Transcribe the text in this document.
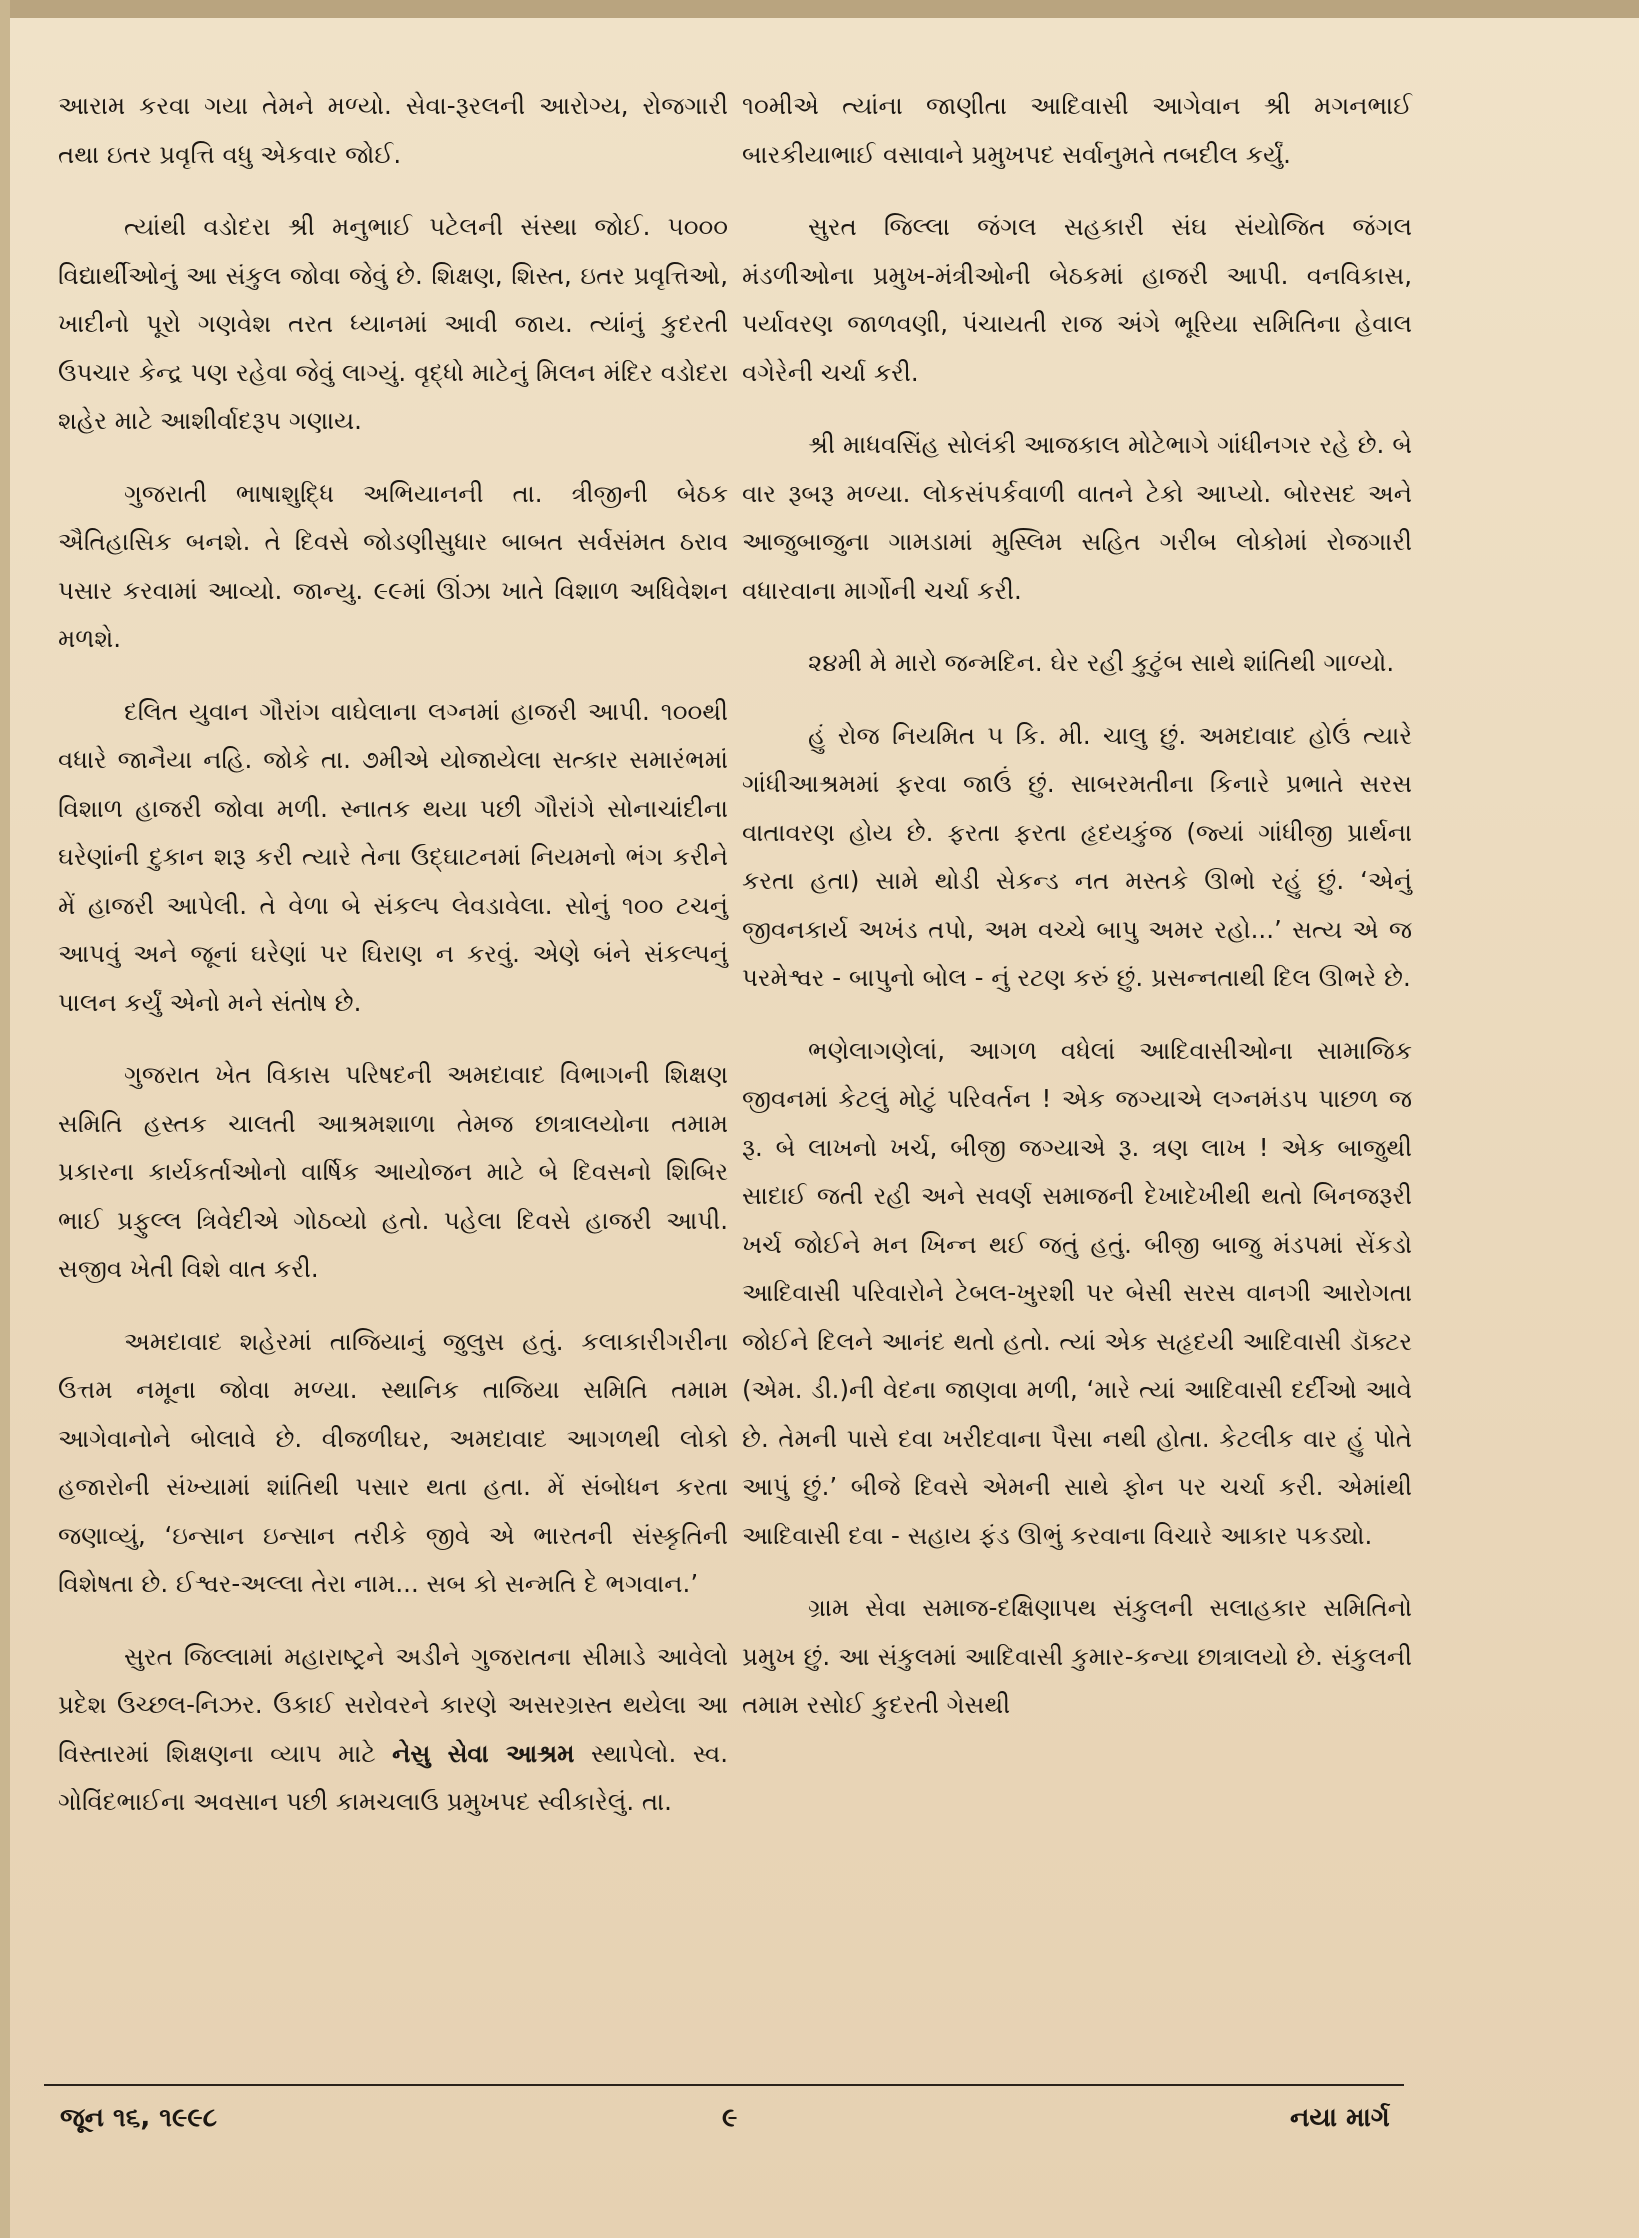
આરામ કરવા ગયા તેમને મળ્યો. સેવા-રૂરલની આરોગ્ય, રોજગારી તથા ઇતર પ્રવૃત્તિ વધુ એકવાર જોઈ.

ત્યાંથી વડોદરા શ્રી મનુભાઈ પટેલની સંસ્થા જોઈ. ૫૦૦૦ વિદ્યાર્થીઓનું આ સંકુલ જોવા જેવું છે. શિક્ષણ, શિસ્ત, ઇતર પ્રવૃત્તિઓ, ખાદીનો પૂરો ગણવેશ તરત ધ્યાનમાં આવી જાય. ત્યાંનું કુદરતી ઉપચાર કેન્દ્ર પણ રહેવા જેવું લાગ્યું. વૃદ્ધો માટેનું મિલન મંદિર વડોદરા શહેર માટે આશીર્વાદરૂપ ગણાય.

ગુજરાતી ભાષાશુદ્ધિ અભિયાનની તા. ત્રીજીની બેઠક ઐતિહાસિક બનશે. તે દિવસે જોડણીસુધાર બાબત સર્વસંમત ઠરાવ પસાર કરવામાં આવ્યો. જાન્યુ. ૯૯માં ઊંઝા ખાતે વિશાળ અધિવેશન મળશે.

દલિત યુવાન ગૌરાંગ વાઘેલાના લગ્નમાં હાજરી આપી. ૧૦૦થી વધારે જાનૈયા નહિ. જોકે તા. ૭મીએ યોજાયેલા સત્કાર સમારંભમાં વિશાળ હાજરી જોવા મળી. સ્નાતક થયા પછી ગૌરાંગે સોનાચાંદીના ઘરેણાંની દુકાન શરૂ કરી ત્યારે તેના ઉદ્ઘાટનમાં નિયમનો ભંગ કરીને મેં હાજરી આપેલી. તે વેળા બે સંકલ્પ લેવડાવેલા. સોનું ૧૦૦ ટચનું આપવું અને જૂનાં ઘરેણાં પર ઘિરાણ ન કરવું. એણે બંને સંકલ્પનું પાલન કર્યું એનો મને સંતોષ છે.

ગુજરાત ખેત વિકાસ પરિષદની અમદાવાદ વિભાગની શિક્ષણ સમિતિ હસ્તક ચાલતી આશ્રમશાળા તેમજ છાત્રાલયોના તમામ પ્રકારના કાર્યકર્તાઓનો વાર્ષિક આયોજન માટે બે દિવસનો શિબિર ભાઈ પ્રફુલ્લ ત્રિવેદીએ ગોઠવ્યો હતો. પહેલા દિવસે હાજરી આપી. સજીવ ખેતી વિશે વાત કરી.

અમદાવાદ શહેરમાં તાજિયાનું જુલુસ હતું. કલાકારીગરીના ઉત્તમ નમૂના જોવા મળ્યા. સ્થાનિક તાજિયા સમિતિ તમામ આગેવાનોને બોલાવે છે. વીજળીઘર, અમદાવાદ આગળથી લોકો હજારોની સંખ્યામાં શાંતિથી પસાર થતા હતા. મેં સંબોધન કરતા જણાવ્યું, ‘ઇન્સાન ઇન્સાન તરીકે જીવે એ ભારતની સંસ્કૃતિની વિશેષતા છે. ઈશ્વર-અલ્લા તેરા નામ... સબ કો સન્મતિ દે ભગવાન.’

સુરત જિલ્લામાં મહારાષ્ટ્રને અડીને ગુજરાતના સીમાડે આવેલો પ્રદેશ ઉચ્છલ-નિઝર. ઉકાઈ સરોવરને કારણે અસરગ્રસ્ત થયેલા આ વિસ્તારમાં શિક્ષણના વ્યાપ માટે નેસુ સેવા આશ્રમ સ્થાપેલો. સ્વ. ગોવિંદભાઈના અવસાન પછી કામચલાઉ પ્રમુખપદ સ્વીકારેલું. તા.

૧૦મીએ ત્યાંના જાણીતા આદિવાસી આગેવાન શ્રી મગનભાઈ બારકીયાભાઈ વસાવાને પ્રમુખપદ સર્વાનુમતે તબદીલ કર્યું.

સુરત જિલ્લા જંગલ સહકારી સંઘ સંયોજિત જંગલ મંડળીઓના પ્રમુખ-મંત્રીઓની બેઠકમાં હાજરી આપી. વનવિકાસ, પર્યાવરણ જાળવણી, પંચાયતી રાજ અંગે ભૂરિયા સમિતિના હેવાલ વગેરેની ચર્ચા કરી.

શ્રી માધવસિંહ સોલંકી આજકાલ મોટેભાગે ગાંધીનગર રહે છે. બે વાર રૂબરૂ મળ્યા. લોકસંપર્કવાળી વાતને ટેકો આપ્યો. બોરસદ અને આજુબાજુના ગામડામાં મુસ્લિમ સહિત ગરીબ લોકોમાં રોજગારી વધારવાના માર્ગોની ચર્ચા કરી.

૨૪મી મે મારો જન્મદિન. ઘેર રહી કુટુંબ સાથે શાંતિથી ગાળ્યો.

હું રોજ નિયમિત ૫ કિ. મી. ચાલુ છું. અમદાવાદ હોઉં ત્યારે ગાંધીઆશ્રમમાં ફરવા જાઉં છું. સાબરમતીના કિનારે પ્રભાતે સરસ વાતાવરણ હોય છે. ફરતા ફરતા હૃદયકુંજ (જ્યાં ગાંધીજી પ્રાર્થના કરતા હતા) સામે થોડી સેકન્ડ નત મસ્તકે ઊભો રહું છું. ‘એનું જીવનકાર્ય અખંડ તપો, અમ વચ્ચે બાપુ અમર રહો...’ સત્ય એ જ પરમેશ્વર - બાપુનો બોલ - નું રટણ કરું છું. પ્રસન્નતાથી દિલ ઊભરે છે.

ભણેલાગણેલાં, આગળ વધેલાં આદિવાસીઓના સામાજિક જીવનમાં કેટલું મોટું પરિવર્તન ! એક જગ્યાએ લગ્નમંડપ પાછળ જ રૂ. બે લાખનો ખર્ચ, બીજી જગ્યાએ રૂ. ત્રણ લાખ ! એક બાજુથી સાદાઈ જતી રહી અને સવર્ણ સમાજની દેખાદેખીથી થતો બિનજરૂરી ખર્ચ જોઈને મન ખિન્ન થઈ જતું હતું. બીજી બાજુ મંડપમાં સેંકડો આદિવાસી પરિવારોને ટેબલ-ખુરશી પર બેસી સરસ વાનગી આરોગતા જોઈને દિલને આનંદ થતો હતો. ત્યાં એક સહૃદયી આદિવાસી ડૉક્ટર (એમ. ડી.)ની વેદના જાણવા મળી, ‘મારે ત્યાં આદિવાસી દર્દીઓ આવે છે. તેમની પાસે દવા ખરીદવાના પૈસા નથી હોતા. કેટલીક વાર હું પોતે આપું છું.’ બીજે દિવસે એમની સાથે ફોન પર ચર્ચા કરી. એમાંથી આદિવાસી દવા - સહાય ફંડ ઊભું કરવાના વિચારે આકાર પકડ્યો.

ગ્રામ સેવા સમાજ-દક્ષિણાપથ સંકુલની સલાહકાર સમિતિનો પ્રમુખ છું. આ સંકુલમાં આદિવાસી કુમાર-કન્યા છાત્રાલયો છે. સંકુલની તમામ રસોઈ કુદરતી ગેસથી

જૂન ૧૬, ૧૯૯૮	૯	નયા માર્ગ
